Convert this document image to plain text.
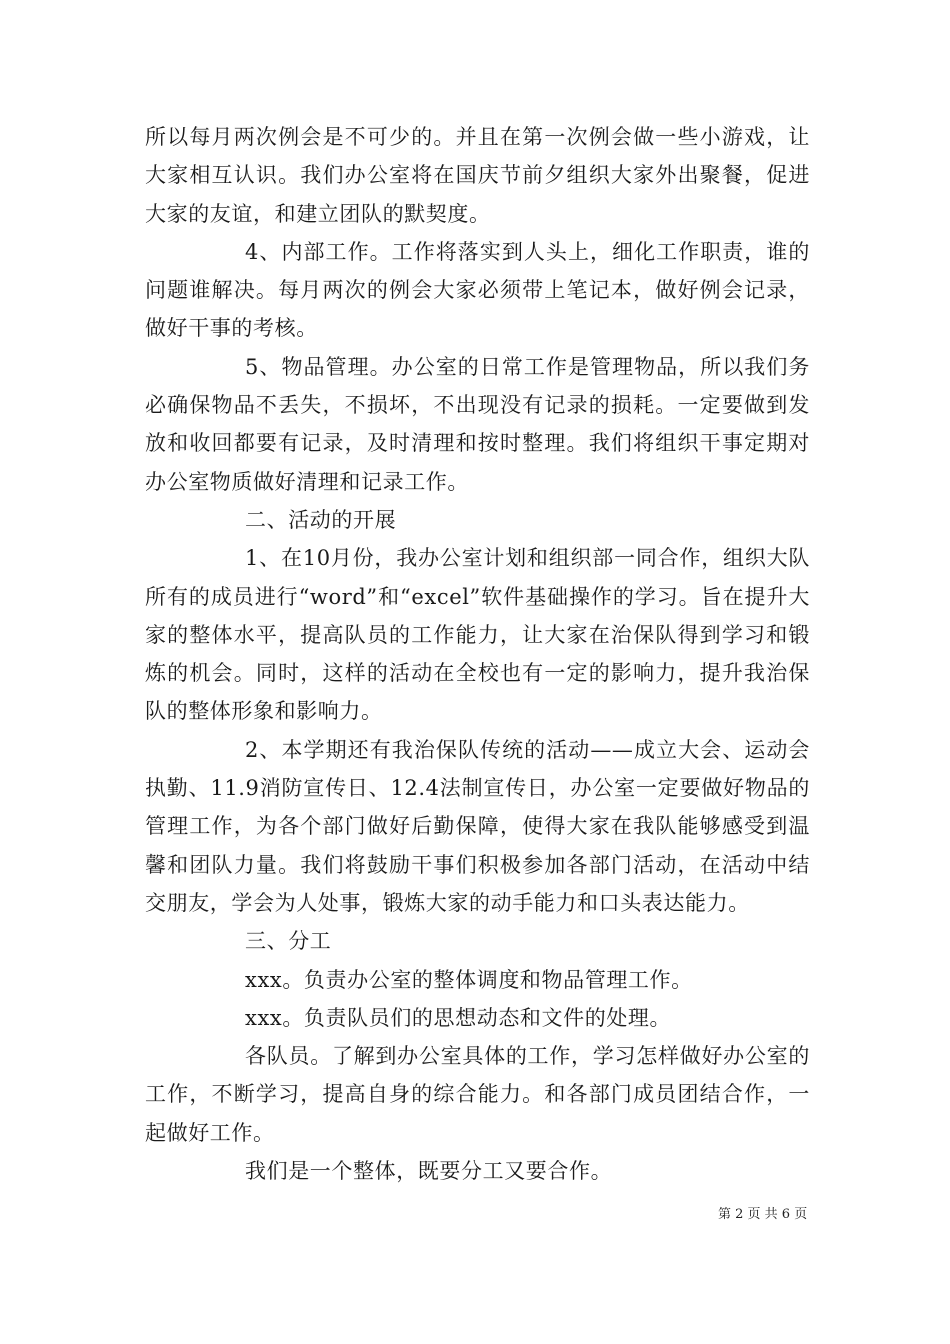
所以每月两次例会是不可少的。并且在第一次例会做一些小游戏，让大家相互认识。我们办公室将在国庆节前夕组织大家外出聚餐，促进大家的友谊，和建立团队的默契度。

4、内部工作。工作将落实到人头上，细化工作职责，谁的问题谁解决。每月两次的例会大家必须带上笔记本，做好例会记录，做好干事的考核。

5、物品管理。办公室的日常工作是管理物品，所以我们务必确保物品不丢失，不损坏，不出现没有记录的损耗。一定要做到发放和收回都要有记录，及时清理和按时整理。我们将组织干事定期对办公室物质做好清理和记录工作。

二、活动的开展

1、在10月份，我办公室计划和组织部一同合作，组织大队所有的成员进行“word”和“excel”软件基础操作的学习。旨在提升大家的整体水平，提高队员的工作能力，让大家在治保队得到学习和锻炼的机会。同时，这样的活动在全校也有一定的影响力，提升我治保队的整体形象和影响力。

2、本学期还有我治保队传统的活动——成立大会、运动会执勤、11.9消防宣传日、12.4法制宣传日，办公室一定要做好物品的管理工作，为各个部门做好后勤保障，使得大家在我队能够感受到温馨和团队力量。我们将鼓励干事们积极参加各部门活动，在活动中结交朋友，学会为人处事，锻炼大家的动手能力和口头表达能力。

三、分工

xxx。负责办公室的整体调度和物品管理工作。

xxx。负责队员们的思想动态和文件的处理。

各队员。了解到办公室具体的工作，学习怎样做好办公室的工作，不断学习，提高自身的综合能力。和各部门成员团结合作，一起做好工作。

我们是一个整体，既要分工又要合作。

第 2 页 共 6 页
